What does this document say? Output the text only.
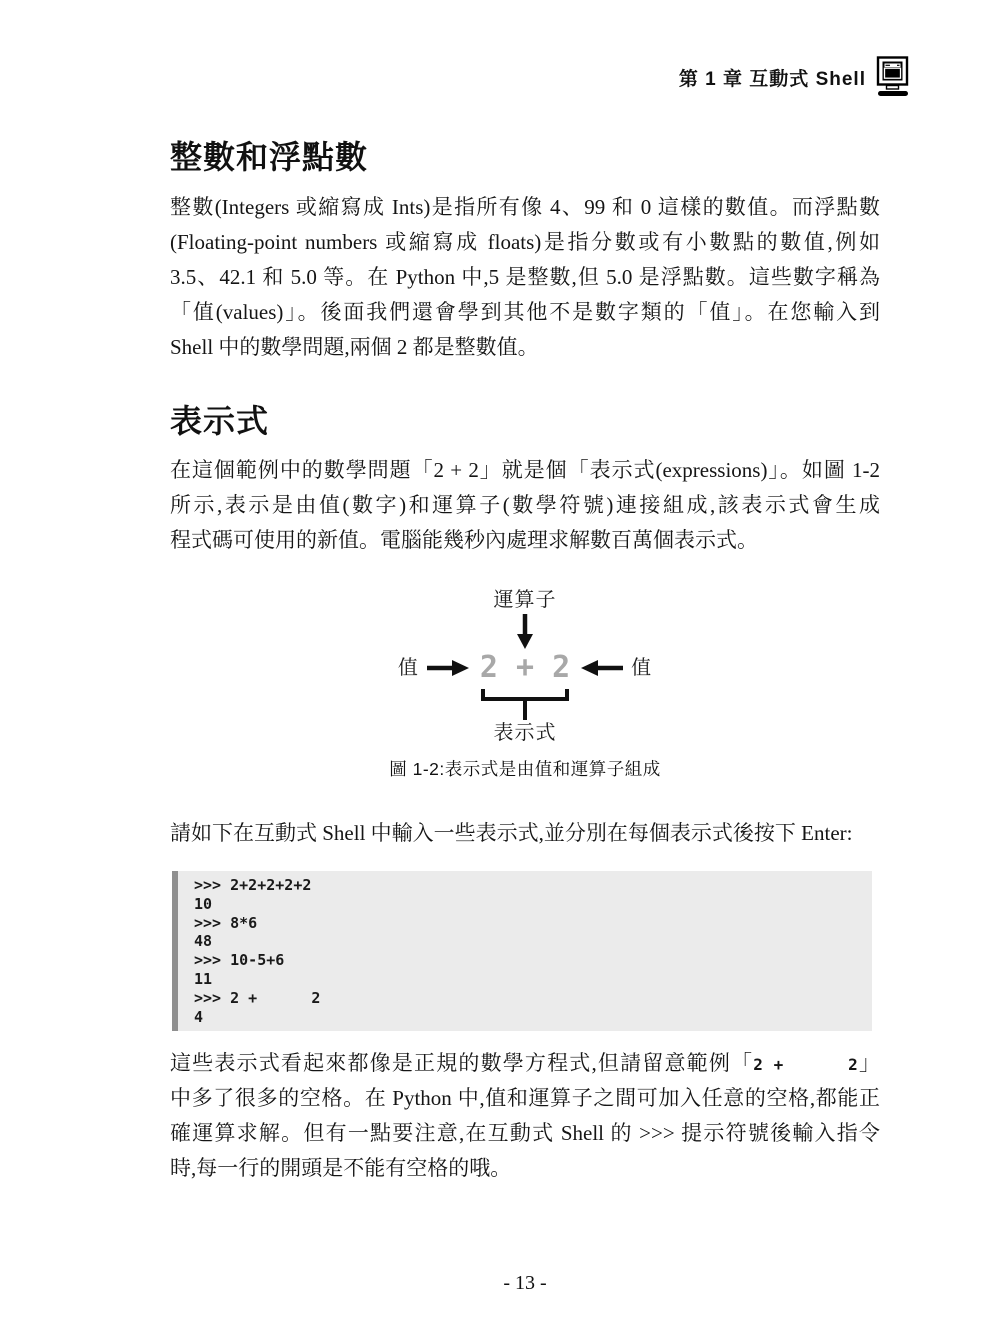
第 1 章 互動式 Shell
整數和浮點數
整數(Integers 或縮寫成 Ints)是指所有像 4、99 和 0 這樣的數值。而浮點數
(Floating-point numbers 或縮寫成 floats)是指分數或有小數點的數值,例如
3.5、42.1 和 5.0 等。在 Python 中,5 是整數,但 5.0 是浮點數。這些數字稱為
「值(values)」。後面我們還會學到其他不是數字類的「值」。在您輸入到
Shell 中的數學問題,兩個 2 都是整數值。
表示式
在這個範例中的數學問題「2 + 2」就是個「表示式(expressions)」。如圖 1-2
所示,表示是由值(數字)和運算子(數學符號)連接組成,該表示式會生成
程式碼可使用的新值。電腦能幾秒內處理求解數百萬個表示式。
運算子
值 2 + 2	值
表示式
圖 1-2:表示式是由值和運算子組成
請如下在互動式 Shell 中輸入一些表示式,並分別在每個表示式後按下 Enter:
>>> 2+2+2+2+2
10
>>> 8*6
48
>>> 10-5+6
11
>>> 2 +      2
4
這些表示式看起來都像是正規的數學方程式,但請留意範例「2 +      2」
中多了很多的空格。在 Python 中,值和運算子之間可加入任意的空格,都能正
確運算求解。但有一點要注意,在互動式 Shell 的 >>> 提示符號後輸入指令
時,每一行的開頭是不能有空格的哦。
- 13 -
